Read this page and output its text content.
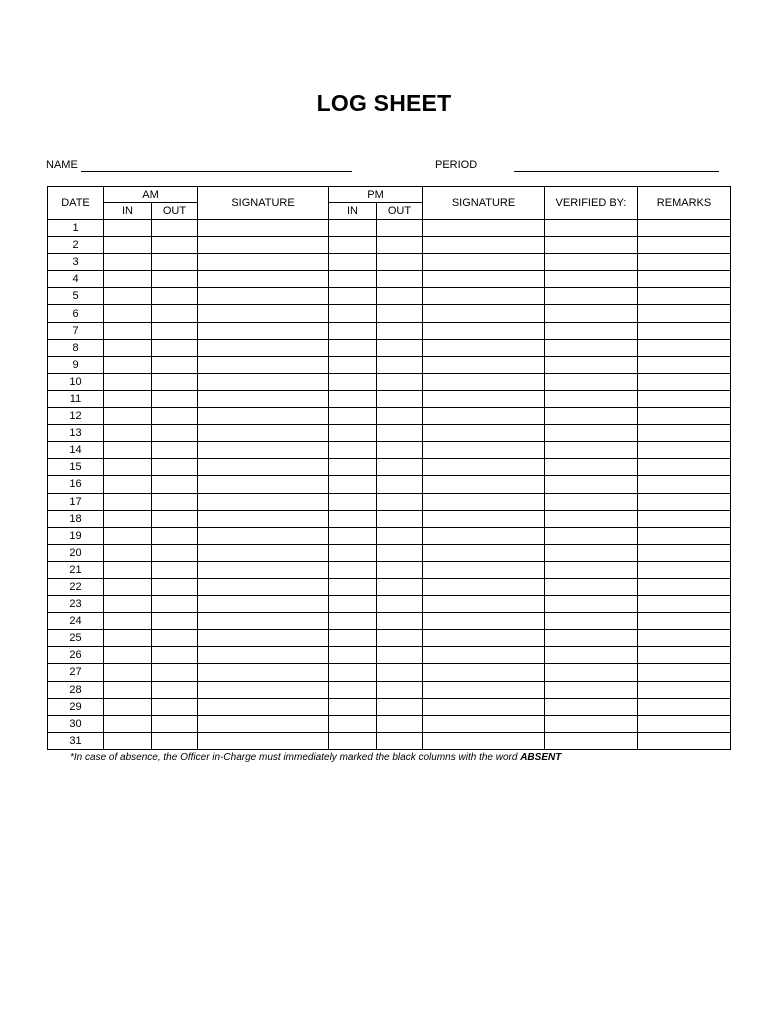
LOG SHEET
NAME	PERIOD
DATE	AM		SIGNATURE	PM		SIGNATURE	VERIFIED BY:	REMARKS
	IN	OUT		IN	OUT			
1								
2								
3								
4								
5								
6								
7								
8								
9								
10								
11								
12								
13								
14								
15								
16								
17								
18								
19								
20								
21								
22								
23								
24								
25								
26								
27								
28								
29								
30								
31								
*In case of absence, the Officer in-Charge must immediately marked the black columns with the word ABSENT
